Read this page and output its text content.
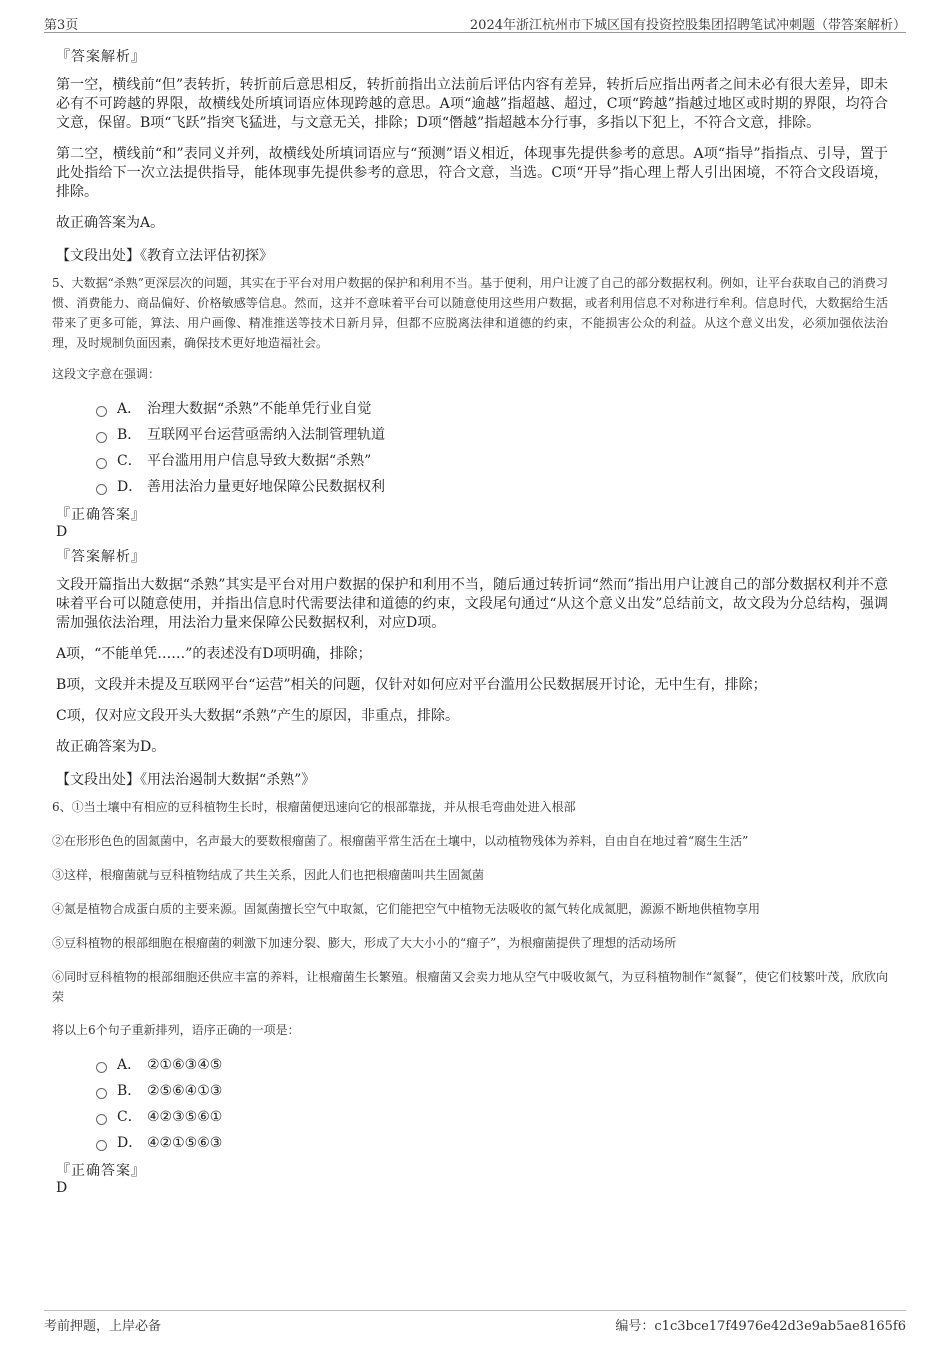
第3页	2024年浙江杭州市下城区国有投资控股集团招聘笔试冲刺题（带答案解析）
『答案解析』

第一空，横线前“但”表转折，转折前后意思相反，转折前指出立法前后评估内容有差异，转折后应指出两者之间未必有很大差异，即未必有不可跨越的界限，故横线处所填词语应体现跨越的意思。A项“逾越”指超越、超过，C项“跨越”指越过地区或时期的界限，均符合文意，保留。B项“飞跃”指突飞猛进，与文意无关，排除；D项“僭越”指超越本分行事，多指以下犯上，不符合文意，排除。

第二空，横线前“和”表同义并列，故横线处所填词语应与“预测”语义相近，体现事先提供参考的意思。A项“指导”指指点、引导，置于此处指给下一次立法提供指导，能体现事先提供参考的意思，符合文意，当选。C项“开导”指心理上帮人引出困境，不符合文段语境，排除。

故正确答案为A。

【文段出处】《教育立法评估初探》

5、大数据“杀熟”更深层次的问题，其实在于平台对用户数据的保护和利用不当。基于便利，用户让渡了自己的部分数据权利。例如，让平台获取自己的消费习惯、消费能力、商品偏好、价格敏感等信息。然而，这并不意味着平台可以随意使用这些用户数据，或者利用信息不对称进行牟利。信息时代，大数据给生活带来了更多可能，算法、用户画像、精准推送等技术日新月异，但都不应脱离法律和道德的约束，不能损害公众的利益。从这个意义出发，必须加强依法治理，及时规制负面因素，确保技术更好地造福社会。

这段文字意在强调：
A． 治理大数据“杀熟”不能单凭行业自觉
B． 互联网平台运营亟需纳入法制管理轨道
C． 平台滥用用户信息导致大数据“杀熟”
D． 善用法治力量更好地保障公民数据权利
『正确答案』
D
『答案解析』

文段开篇指出大数据“杀熟”其实是平台对用户数据的保护和利用不当，随后通过转折词“然而”指出用户让渡自己的部分数据权利并不意味着平台可以随意使用，并指出信息时代需要法律和道德的约束，文段尾句通过“从这个意义出发”总结前文，故文段为分总结构，强调需加强依法治理，用法治力量来保障公民数据权利，对应D项。

A项，“不能单凭……”的表述没有D项明确，排除；

B项，文段并未提及互联网平台“运营”相关的问题，仅针对如何应对平台滥用公民数据展开讨论，无中生有，排除；

C项，仅对应文段开头大数据“杀熟”产生的原因，非重点，排除。

故正确答案为D。

【文段出处】《用法治遏制大数据“杀熟”》

6、①当土壤中有相应的豆科植物生长时，根瘤菌便迅速向它的根部靠拢，并从根毛弯曲处进入根部

②在形形色色的固氮菌中，名声最大的要数根瘤菌了。根瘤菌平常生活在土壤中，以动植物残体为养料，自由自在地过着“腐生生活”

③这样，根瘤菌就与豆科植物结成了共生关系，因此人们也把根瘤菌叫共生固氮菌

④氮是植物合成蛋白质的主要来源。固氮菌擅长空气中取氮，它们能把空气中植物无法吸收的氮气转化成氮肥，源源不断地供植物享用

⑤豆科植物的根部细胞在根瘤菌的刺激下加速分裂、膨大，形成了大大小小的“瘤子”，为根瘤菌提供了理想的活动场所

⑥同时豆科植物的根部细胞还供应丰富的养料，让根瘤菌生长繁殖。根瘤菌又会卖力地从空气中吸收氮气，为豆科植物制作“氮餐”，使它们枝繁叶茂，欣欣向荣

将以上6个句子重新排列，语序正确的一项是：
A． ②①⑥③④⑤
B． ②⑤⑥④①③
C． ④②③⑤⑥①
D． ④②①⑤⑥③
『正确答案』
D
考前押题，上岸必备	编号：c1c3bce17f4976e42d3e9ab5ae8165f6
